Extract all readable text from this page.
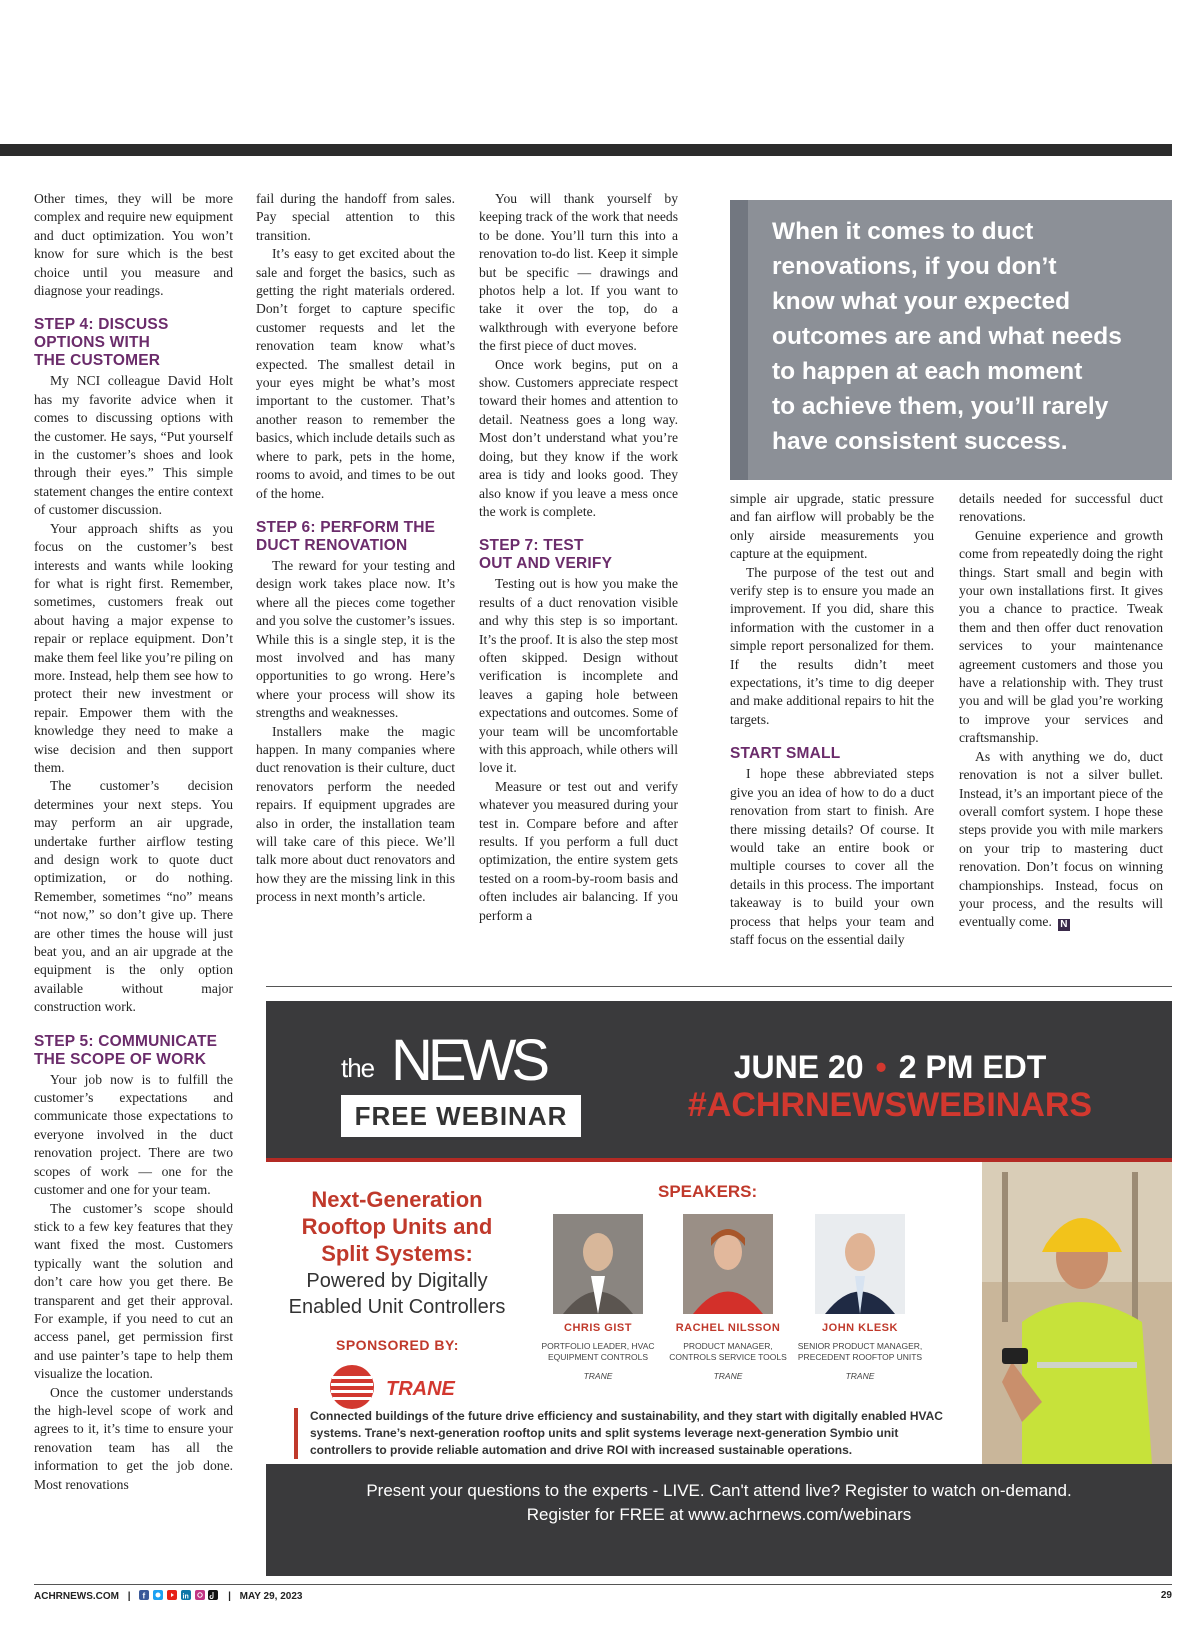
Other times, they will be more complex and require new equipment and duct optimization. You won’t know for sure which is the best choice until you measure and diagnose your readings.

STEP 4: DISCUSS
OPTIONS WITH
THE CUSTOMER

My NCI colleague David Holt has my favorite advice when it comes to discussing options with the customer. He says, “Put yourself in the customer’s shoes and look through their eyes.” This simple statement changes the entire context of customer discussion.

Your approach shifts as you focus on the customer’s best interests and wants while looking for what is right first. Remember, sometimes, customers freak out about having a major expense to repair or replace equipment. Don’t make them feel like you’re piling on more. Instead, help them see how to protect their new investment or repair. Empower them with the knowledge they need to make a wise decision and then support them.

The customer’s decision determines your next steps. You may perform an air upgrade, undertake further airflow testing and design work to quote duct optimization, or do nothing. Remember, sometimes “no” means “not now,” so don’t give up. There are other times the house will just beat you, and an air upgrade at the equipment is the only option available without major construction work.

STEP 5: COMMUNICATE
THE SCOPE OF WORK

Your job now is to fulfill the customer’s expectations and communicate those expectations to everyone involved in the duct renovation project. There are two scopes of work — one for the customer and one for your team.

The customer’s scope should stick to a few key features that they want fixed the most. Customers typically want the solution and don’t care how you get there. Be transparent and get their approval. For example, if you need to cut an access panel, get permission first and use painter’s tape to help them visualize the location.

Once the customer understands the high-level scope of work and agrees to it, it’s time to ensure your renovation team has all the information to get the job done. Most renovations

fail during the handoff from sales. Pay special attention to this transition.

It’s easy to get excited about the sale and forget the basics, such as getting the right materials ordered. Don’t forget to capture specific customer requests and let the renovation team know what’s expected. The smallest detail in your eyes might be what’s most important to the customer. That’s another reason to remember the basics, which include details such as where to park, pets in the home, rooms to avoid, and times to be out of the home.

STEP 6: PERFORM THE
DUCT RENOVATION

The reward for your testing and design work takes place now. It’s where all the pieces come together and you solve the customer’s issues. While this is a single step, it is the most involved and has many opportunities to go wrong. Here’s where your process will show its strengths and weaknesses.

Installers make the magic happen. In many companies where duct renovation is their culture, duct renovators perform the needed repairs. If equipment upgrades are also in order, the installation team will take care of this piece. We’ll talk more about duct renovators and how they are the missing link in this process in next month’s article.

You will thank yourself by keeping track of the work that needs to be done. You’ll turn this into a renovation to-do list. Keep it simple but be specific — drawings and photos help a lot. If you want to take it over the top, do a walkthrough with everyone before the first piece of duct moves.

Once work begins, put on a show. Customers appreciate respect toward their homes and attention to detail. Neatness goes a long way. Most don’t understand what you’re doing, but they know if the work area is tidy and looks good. They also know if you leave a mess once the work is complete.

STEP 7: TEST
OUT AND VERIFY

Testing out is how you make the results of a duct renovation visible and why this step is so important. It’s the proof. It is also the step most often skipped. Design without verification is incomplete and leaves a gaping hole between expectations and outcomes. Some of your team will be uncomfortable with this approach, while others will love it.

Measure or test out and verify whatever you measured during your test in. Compare before and after results. If you perform a full duct optimization, the entire system gets tested on a room-by-room basis and often includes air balancing. If you perform a

When it comes to duct
renovations, if you don’t
know what your expected
outcomes are and what needs
to happen at each moment
to achieve them, you’ll rarely
have consistent success.

simple air upgrade, static pressure and fan airflow will probably be the only airside measurements you capture at the equipment.

The purpose of the test out and verify step is to ensure you made an improvement. If you did, share this information with the customer in a simple report personalized for them. If the results didn’t meet expectations, it’s time to dig deeper and make additional repairs to hit the targets.

START SMALL

I hope these abbreviated steps give you an idea of how to do a duct renovation from start to finish. Are there missing details? Of course. It would take an entire book or multiple courses to cover all the details in this process. The important takeaway is to build your own process that helps your team and staff focus on the essential daily

details needed for successful duct renovations.

Genuine experience and growth come from repeatedly doing the right things. Start small and begin with your own installations first. It gives you a chance to practice. Tweak them and then offer duct renovation services to your maintenance agreement customers and those you have a relationship with. They trust you and will be glad you’re working to improve your services and craftsmanship.

As with anything we do, duct renovation is not a silver bullet. Instead, it’s an important piece of the overall comfort system. I hope these steps provide you with mile markers on your trip to mastering duct renovation. Don’t focus on winning championships. Instead, focus on your process, and the results will eventually come. N

the NEWS
FREE WEBINAR
JUNE 20 • 2 PM EDT
#ACHRNEWSWEBINARS
Next-Generation Rooftop Units and Split Systems:
Powered by Digitally Enabled Unit Controllers
SPONSORED BY:
TRANE
SPEAKERS:
CHRIS GIST
PORTFOLIO LEADER, HVAC
EQUIPMENT CONTROLS
TRANE
RACHEL NILSSON
PRODUCT MANAGER,
CONTROLS SERVICE TOOLS
TRANE
JOHN KLESK
SENIOR PRODUCT MANAGER,
PRECEDENT ROOFTOP UNITS
TRANE
Connected buildings of the future drive efficiency and sustainability, and they start with digitally enabled HVAC systems. Trane’s next-generation rooftop units and split systems leverage next-generation Symbio unit controllers to provide reliable automation and drive ROI with increased sustainable operations.
Present your questions to the experts - LIVE. Can't attend live? Register to watch on-demand.
Register for FREE at www.achrnews.com/webinars
ACHRNEWS.COM | f
	in	| MAY 29, 2023	29
